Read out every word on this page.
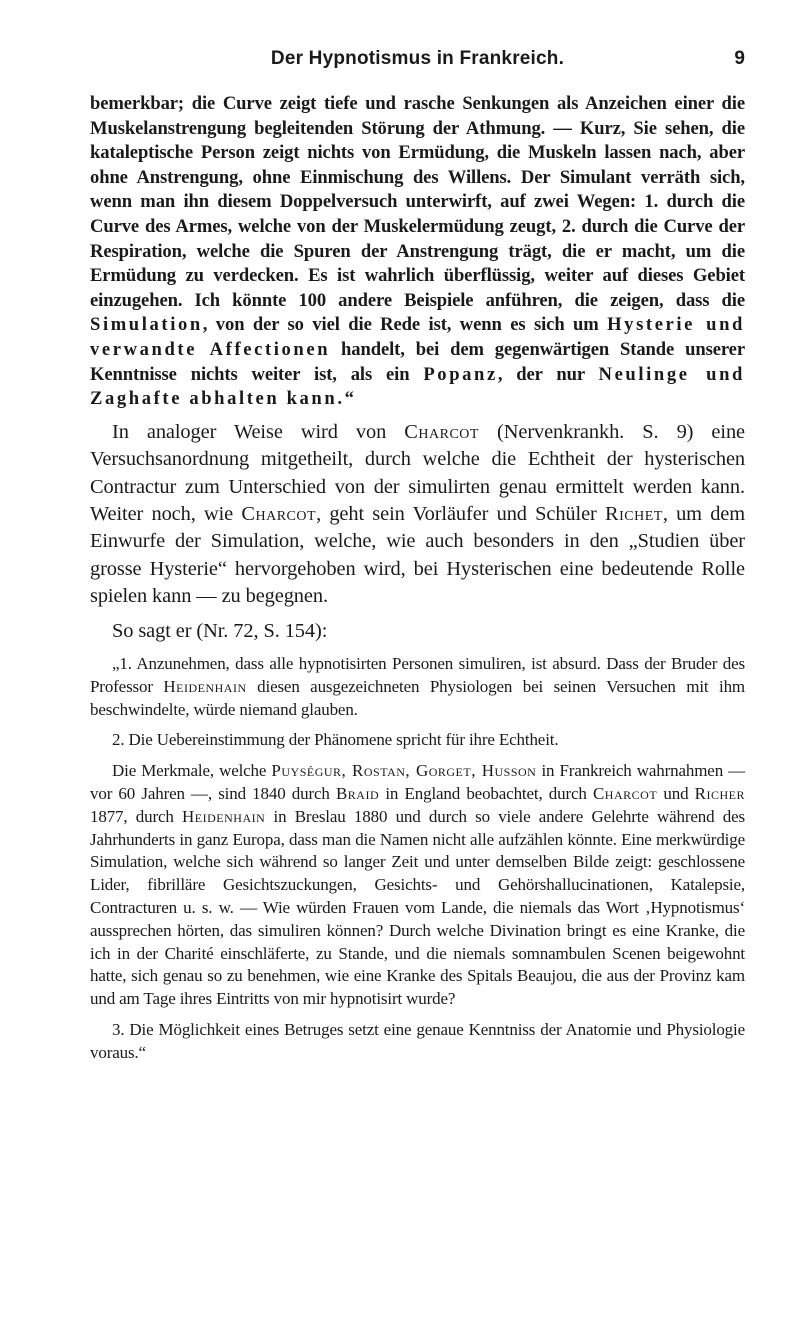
Der Hypnotismus in Frankreich.	9

bemerkbar; die Curve zeigt tiefe und rasche Senkungen als Anzeichen einer die Muskelanstrengung begleitenden Störung der Athmung. — Kurz, Sie sehen, die kataleptische Person zeigt nichts von Ermüdung, die Muskeln lassen nach, aber ohne Anstrengung, ohne Einmischung des Willens. Der Simulant verräth sich, wenn man ihn diesem Doppelversuch unterwirft, auf zwei Wegen: 1. durch die Curve des Armes, welche von der Muskelermüdung zeugt, 2. durch die Curve der Respiration, welche die Spuren der Anstrengung trägt, die er macht, um die Ermüdung zu verdecken. Es ist wahrlich überflüssig, weiter auf dieses Gebiet einzugehen. Ich könnte 100 andere Beispiele anführen, die zeigen, dass die Simulation, von der so viel die Rede ist, wenn es sich um Hysterie und verwandte Affectionen handelt, bei dem gegenwärtigen Stande unserer Kenntnisse nichts weiter ist, als ein Popanz, der nur Neulinge und Zaghafte abhalten kann.“

In analoger Weise wird von Charcot (Nervenkrankh. S. 9) eine Versuchsanordnung mitgetheilt, durch welche die Echtheit der hysterischen Contractur zum Unterschied von der simulirten genau ermittelt werden kann. Weiter noch, wie Charcot, geht sein Vorläufer und Schüler Richet, um dem Einwurfe der Simulation, welche, wie auch besonders in den „Studien über grosse Hysterie“ hervorgehoben wird, bei Hysterischen eine bedeutende Rolle spielen kann — zu begegnen.

So sagt er (Nr. 72, S. 154):

„1. Anzunehmen, dass alle hypnotisirten Personen simuliren, ist absurd. Dass der Bruder des Professor Heidenhain diesen ausgezeichneten Physiologen bei seinen Versuchen mit ihm beschwindelte, würde niemand glauben.

2. Die Uebereinstimmung der Phänomene spricht für ihre Echtheit.

Die Merkmale, welche Puységur, Rostan, Gorget, Husson in Frankreich wahrnahmen — vor 60 Jahren —, sind 1840 durch Braid in England beobachtet, durch Charcot und Richer 1877, durch Heidenhain in Breslau 1880 und durch so viele andere Gelehrte während des Jahrhunderts in ganz Europa, dass man die Namen nicht alle aufzählen könnte. Eine merkwürdige Simulation, welche sich während so langer Zeit und unter demselben Bilde zeigt: geschlossene Lider, fibrilläre Gesichtszuckungen, Gesichts- und Gehörshallucinationen, Katalepsie, Contracturen u. s. w. — Wie würden Frauen vom Lande, die niemals das Wort ‚Hypnotismus‘ aussprechen hörten, das simuliren können? Durch welche Divination bringt es eine Kranke, die ich in der Charité einschläferte, zu Stande, und die niemals somnambulen Scenen beigewohnt hatte, sich genau so zu benehmen, wie eine Kranke des Spitals Beaujou, die aus der Provinz kam und am Tage ihres Eintritts von mir hypnotisirt wurde?

3. Die Möglichkeit eines Betruges setzt eine genaue Kenntniss der Anatomie und Physiologie voraus.“
